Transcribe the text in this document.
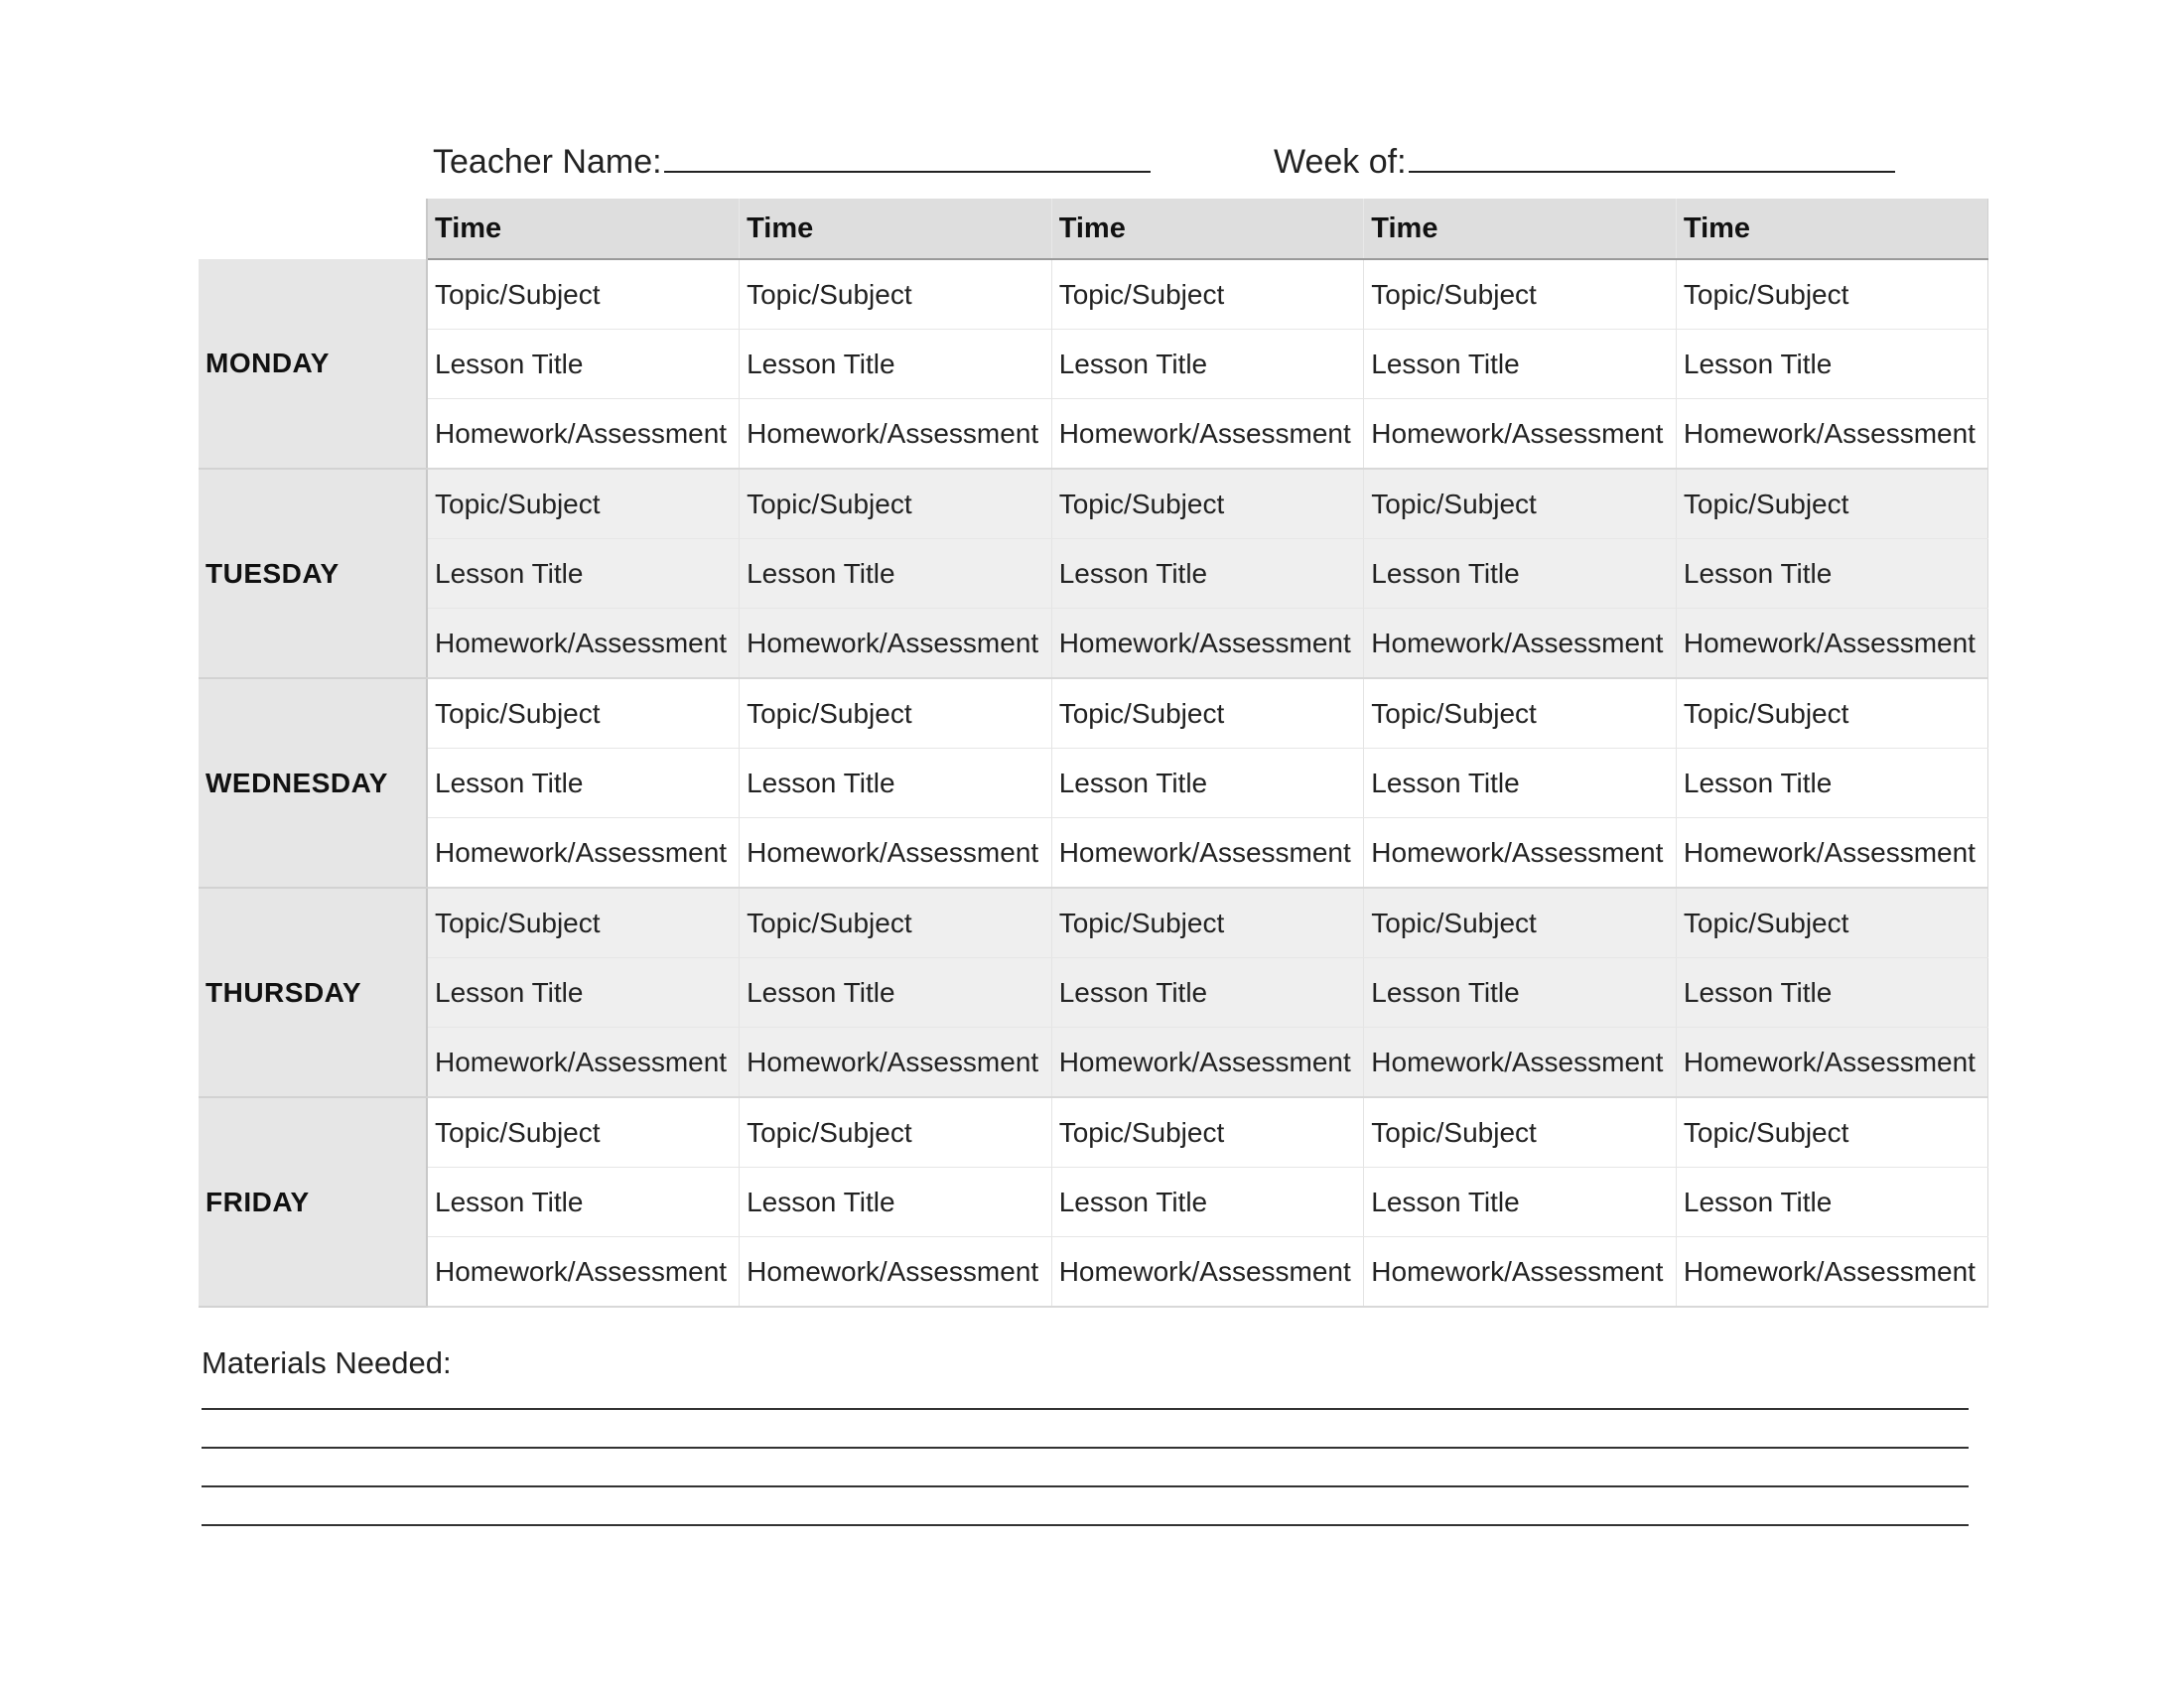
Teacher Name:	Week of:
	Time	Time	Time	Time	Time
MONDAY	Topic/Subject	Topic/Subject	Topic/Subject	Topic/Subject	Topic/Subject
	Lesson Title	Lesson Title	Lesson Title	Lesson Title	Lesson Title
	Homework/Assessment	Homework/Assessment	Homework/Assessment	Homework/Assessment	Homework/Assessment
TUESDAY	Topic/Subject	Topic/Subject	Topic/Subject	Topic/Subject	Topic/Subject
	Lesson Title	Lesson Title	Lesson Title	Lesson Title	Lesson Title
	Homework/Assessment	Homework/Assessment	Homework/Assessment	Homework/Assessment	Homework/Assessment
WEDNESDAY	Topic/Subject	Topic/Subject	Topic/Subject	Topic/Subject	Topic/Subject
	Lesson Title	Lesson Title	Lesson Title	Lesson Title	Lesson Title
	Homework/Assessment	Homework/Assessment	Homework/Assessment	Homework/Assessment	Homework/Assessment
THURSDAY	Topic/Subject	Topic/Subject	Topic/Subject	Topic/Subject	Topic/Subject
	Lesson Title	Lesson Title	Lesson Title	Lesson Title	Lesson Title
	Homework/Assessment	Homework/Assessment	Homework/Assessment	Homework/Assessment	Homework/Assessment
FRIDAY	Topic/Subject	Topic/Subject	Topic/Subject	Topic/Subject	Topic/Subject
	Lesson Title	Lesson Title	Lesson Title	Lesson Title	Lesson Title
	Homework/Assessment	Homework/Assessment	Homework/Assessment	Homework/Assessment	Homework/Assessment
Materials Needed:
